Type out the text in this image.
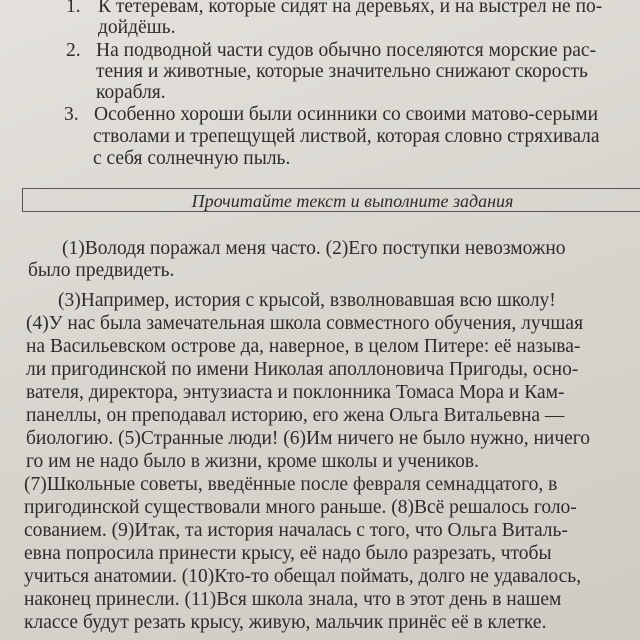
1. К тетеревам, которые сидят на деревьях, и на выстрел не по-
дойдёшь.
2. На подводной части судов обычно поселяются морские рас-
тения и животные, которые значительно снижают скорость
корабля.
3. Особенно хороши были осинники со своими матово-серыми
стволами и трепещущей листвой, которая словно стряхивала
с себя солнечную пыль.
Прочитайте текст и выполните задания
(1)Володя поражал меня часто. (2)Его поступки невозможно
было предвидеть.
(3)Например, история с крысой, взволновавшая всю школу!
(4)У нас была замечательная школа совместного обучения, лучшая
на Васильевском острове да, наверное, в целом Питере: её называ-
ли пригодинской по имени Николая аполлоновича Пригоды, осно-
вателя, директора, энтузиаста и поклонника Томаса Мора и Кам-
панеллы, он преподавал историю, его жена Ольга Витальевна —
биологию. (5)Странные люди! (6)Им ничего не было нужно, ничего
го им не надо было в жизни, кроме школы и учеников.
(7)Школьные советы, введённые после февраля семнадцатого, в
пригодинской существовали много раньше. (8)Всё решалось голо-
сованием. (9)Итак, та история началась с того, что Ольга Виталь-
евна попросила принести крысу, её надо было разрезать, чтобы
учиться анатомии. (10)Кто-то обещал поймать, долго не удавалось,
наконец принесли. (11)Вся школа знала, что в этот день в нашем
классе будут резать крысу, живую, мальчик принёс её в клетке.
